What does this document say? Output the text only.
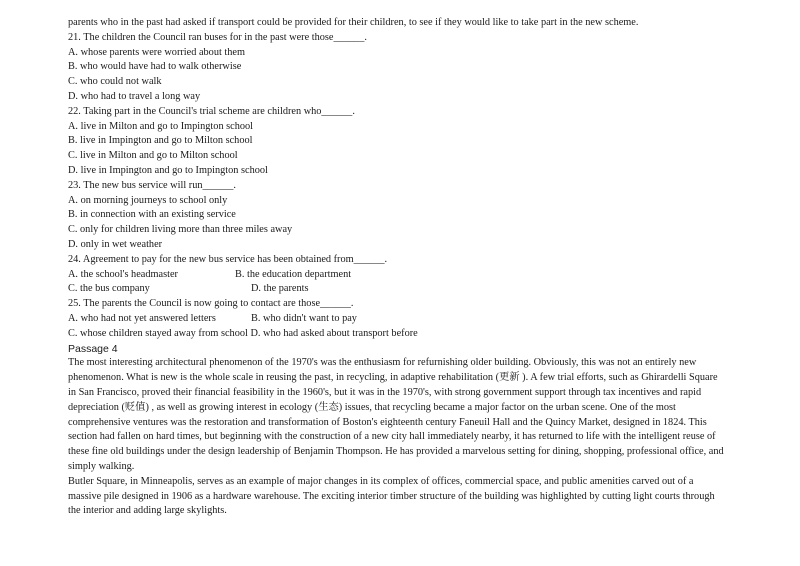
parents who in the past had asked if transport could be provided for their children, to see if they would like to take part in the new scheme.
21. The children the Council ran buses for in the past were those______.
A. whose parents were worried about them
B. who would have had to walk otherwise
C. who could not walk
D. who had to travel a long way
22. Taking part in the Council's trial scheme are children who______.
A. live in Milton and go to Impington school
B. live in Impington and go to Milton school
C. live in Milton and go to Milton school
D. live in Impington and go to Impington school
23. The new bus service will run______.
A. on morning journeys to school only
B. in connection with an existing service
C. only for children living more than three miles away
D. only in wet weather
24. Agreement to pay for the new bus service has been obtained from______.
A. the school's headmaster	B. the education department
C. the bus company	D. the parents
25. The parents the Council is now going to contact are those______.
A. who had not yet answered letters	B. who didn't want to pay
C. whose children stayed away from school D. who had asked about transport before
Passage 4
The most interesting architectural phenomenon of the 1970's was the enthusiasm for refurnishing older building. Obviously, this was not an entirely new phenomenon. What is new is the whole scale in reusing the past, in recycling, in adaptive rehabilitation (更新 ). A few trial efforts, such as Ghirardelli Square in San Francisco, proved their financial feasibility in the 1960's, but it was in the 1970's, with strong government support through tax incentives and rapid depreciation (贬值) , as well as growing interest in ecology (生态) issues, that recycling became a major factor on the urban scene. One of the most comprehensive ventures was the restoration and transformation of Boston's eighteenth century Faneuil Hall and the Quincy Market, designed in 1824. This section had fallen on hard times, but beginning with the construction of a new city hall immediately nearby, it has returned to life with the intelligent reuse of these fine old buildings under the design leadership of Benjamin Thompson. He has provided a marvelous setting for dining, shopping, professional office, and simply walking.
Butler Square, in Minneapolis, serves as an example of major changes in its complex of offices, commercial space, and public amenities carved out of a massive pile designed in 1906 as a hardware warehouse. The exciting interior timber structure of the building was highlighted by cutting light courts through the interior and adding large skylights.
